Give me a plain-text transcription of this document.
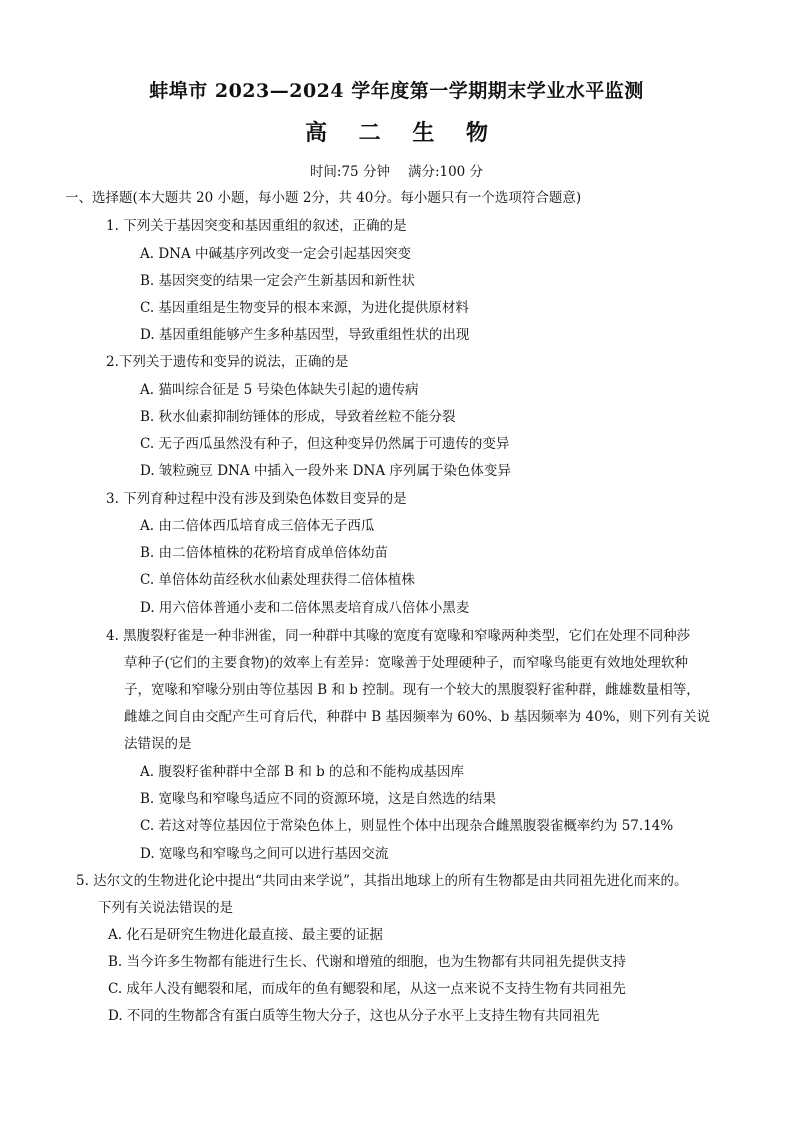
蚌埠市 2023—2024 学年度第一学期期末学业水平监测
高 二 生 物
时间:75 分钟 满分:100 分
一、选择题(本大题共 20 小题，每小题 2分，共 40分。每小题只有一个选项符合题意)
1. 下列关于基因突变和基因重组的叙述，正确的是
A. DNA 中碱基序列改变一定会引起基因突变
B. 基因突变的结果一定会产生新基因和新性状
C. 基因重组是生物变异的根本来源，为进化提供原材料
D. 基因重组能够产生多种基因型，导致重组性状的出现
2.下列关于遗传和变异的说法，正确的是
A. 猫叫综合征是 5 号染色体缺失引起的遗传病
B. 秋水仙素抑制纺锤体的形成，导致着丝粒不能分裂
C. 无子西瓜虽然没有种子，但这种变异仍然属于可遗传的变异
D. 皱粒豌豆 DNA 中插入一段外来 DNA 序列属于染色体变异
3. 下列育种过程中没有涉及到染色体数目变异的是
A. 由二倍体西瓜培育成三倍体无子西瓜
B. 由二倍体植株的花粉培育成单倍体幼苗
C. 单倍体幼苗经秋水仙素处理获得二倍体植株
D. 用六倍体普通小麦和二倍体黑麦培育成八倍体小黑麦
4. 黑腹裂籽雀是一种非洲雀，同一种群中其喙的宽度有宽喙和窄喙两种类型，它们在处理不同种莎
草种子(它们的主要食物)的效率上有差异：宽喙善于处理硬种子，而窄喙鸟能更有效地处理软种
子，宽喙和窄喙分别由等位基因 B 和 b 控制。现有一个较大的黑腹裂籽雀种群，雌雄数量相等，
雌雄之间自由交配产生可育后代，种群中 B 基因频率为 60%、b 基因频率为 40%，则下列有关说
法错误的是
A. 腹裂籽雀种群中全部 B 和 b 的总和不能构成基因库
B. 宽喙鸟和窄喙鸟适应不同的资源环境，这是自然选的结果
C. 若这对等位基因位于常染色体上，则显性个体中出现杂合雌黑腹裂雀概率约为 57.14%
D. 宽喙鸟和窄喙鸟之间可以进行基因交流
5. 达尔文的生物进化论中提出“共同由来学说”，其指出地球上的所有生物都是由共同祖先进化而来的。
下列有关说法错误的是
A. 化石是研究生物进化最直接、最主要的证据
B. 当今许多生物都有能进行生长、代谢和增殖的细胞，也为生物都有共同祖先提供支持
C. 成年人没有鳃裂和尾，而成年的鱼有鳃裂和尾，从这一点来说不支持生物有共同祖先
D. 不同的生物都含有蛋白质等生物大分子，这也从分子水平上支持生物有共同祖先
